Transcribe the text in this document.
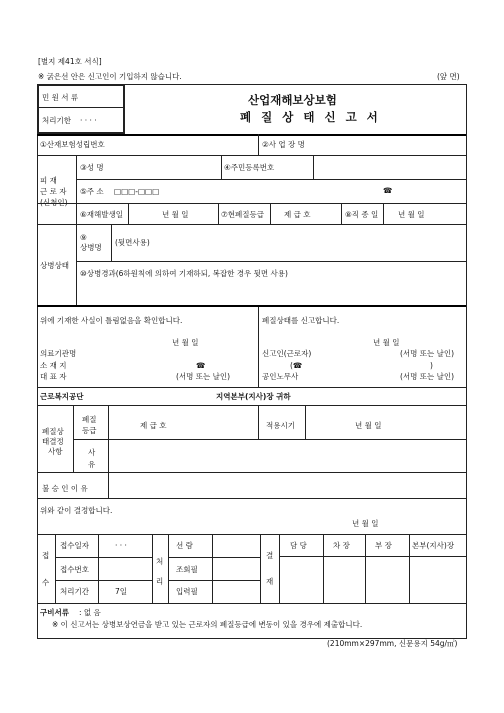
[별지 제41호 서식]
※ 굵은선 안은 신고인이 기입하지 않습니다.	(앞 면)
민 원 서 류
처리기한 · · · ·
산업재해보상보험
폐 질 상 태 신 고 서
①산재보험성립번호	②사 업 장 명
피 재
근 로 자
③성 명	④주민등록번호
⑤주 소 □□□-□□□	☎
⑥재해발생일	년 월 일	⑦현폐질등급	제 급 호	⑧직 종 일	년 월 일
상병상태
⑨
상병명
(뒷면사용)
⑩상병경과(6하원칙에 의하여 기재하되, 복잡한 경우 뒷면 사용)
위에 기재한 사실이 틀림없음을 확인합니다.
년 월 일
의료기관명
소 재 지	☎
대 표 자	(서명 또는 날인)
폐질상태를 신고합니다.
년 월 일
신고인(근로자)	(서명 또는 날인)
(☎	)
공인노무사	(서명 또는 날인)
근로복지공단	지역본부(지사)장 귀하
폐질상
태결정
사항
폐질
등급
제 급 호	적용시기	년 월 일
사
유
불 승 인 이 유
위와 같이 결정합니다.
년 월 일
접
수
접수일자	· · ·
접수번호
처리기간	7일
처
리
선 람
조회필
입력필
결
재
담 당	차 장	부 장	본부(지사)장
구비서류 : 없 음
※ 이 신고서는 상병보상연금을 받고 있는 근로자의 폐질등급에 변동이 있을 경우에 제출합니다.
(210mm×297mm, 신문용지 54g/㎡)
